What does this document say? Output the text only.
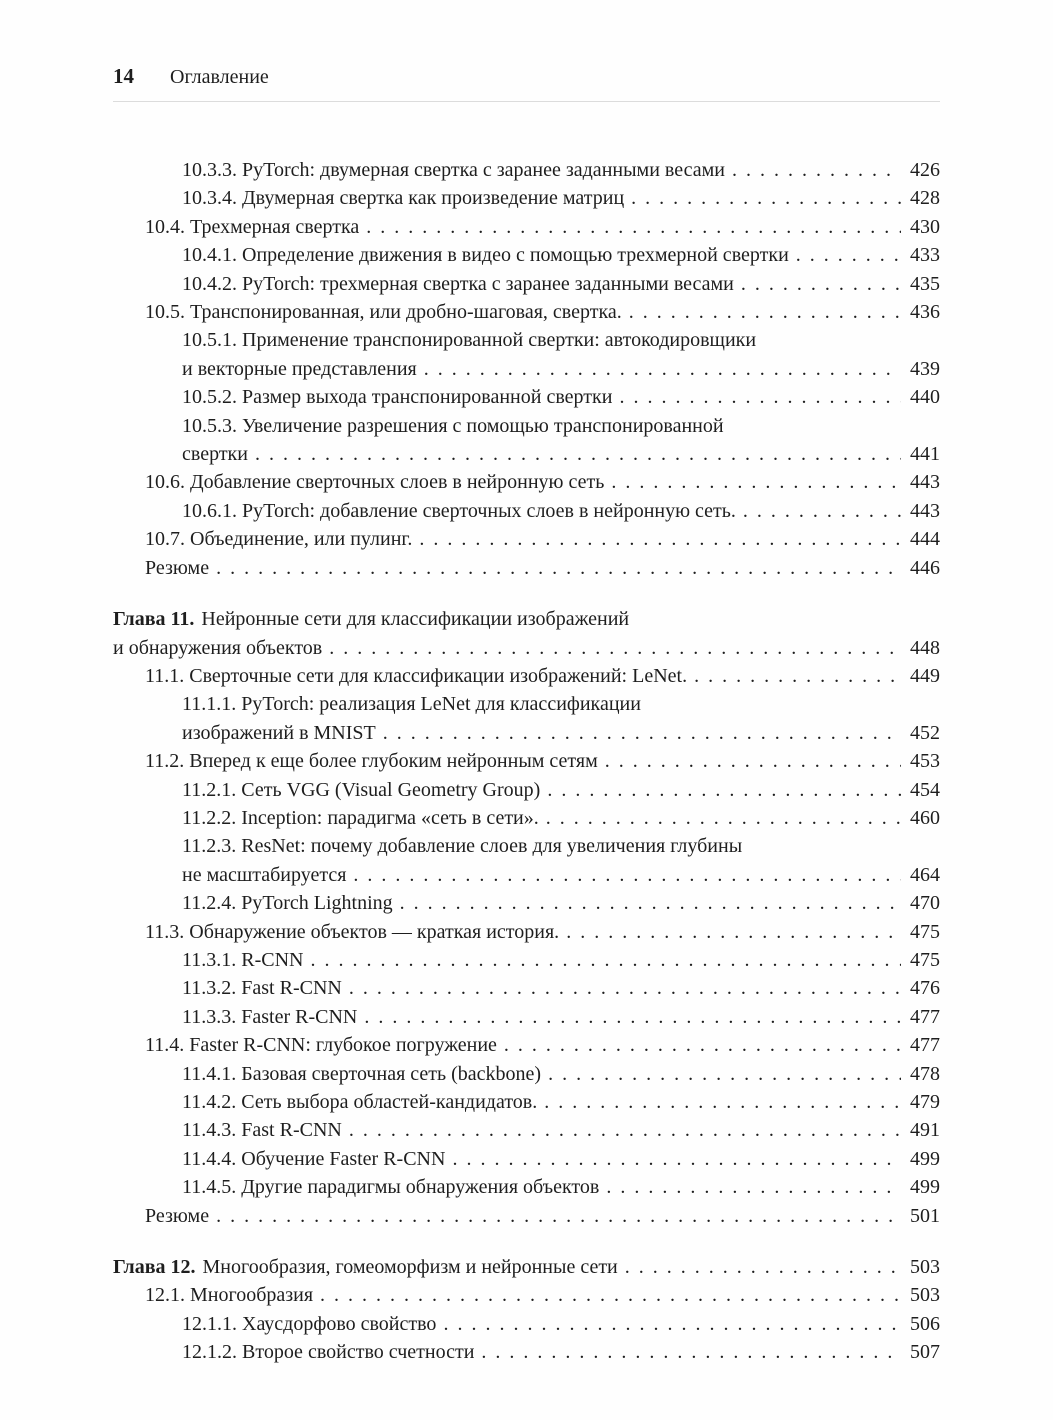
14 Оглавление
10.3.3. PyTorch: двумерная свертка с заранее заданными весами . . .	426
10.3.4. Двумерная свертка как произведение матриц . . .	428
10.4. Трехмерная свертка . . .	430
10.4.1. Определение движения в видео с помощью трехмерной свертки . . .	433
10.4.2. PyTorch: трехмерная свертка с заранее заданными весами . . .	435
10.5. Транспонированная, или дробно-шаговая, свертка. . . .	436
10.5.1. Применение транспонированной свертки: автокодировщики
и векторные представления . . .	439
10.5.2. Размер выхода транспонированной свертки . . .	440
10.5.3. Увеличение разрешения с помощью транспонированной
свертки . . .	441
10.6. Добавление сверточных слоев в нейронную сеть . . .	443
10.6.1. PyTorch: добавление сверточных слоев в нейронную сеть. . . .	443
10.7. Объединение, или пулинг. . . .	444
Резюме . . .	446
Глава 11. Нейронные сети для классификации изображений
и обнаружения объектов . . .	448
11.1. Сверточные сети для классификации изображений: LeNet. . . .	449
11.1.1. PyTorch: реализация LeNet для классификации
изображений в MNIST . . .	452
11.2. Вперед к еще более глубоким нейронным сетям . . .	453
11.2.1. Сеть VGG (Visual Geometry Group) . . .	454
11.2.2. Inception: парадигма «сеть в сети». . . .	460
11.2.3. ResNet: почему добавление слоев для увеличения глубины
не масштабируется . . .	464
11.2.4. PyTorch Lightning . . .	470
11.3. Обнаружение объектов — краткая история. . . .	475
11.3.1. R-CNN . . .	475
11.3.2. Fast R-CNN . . .	476
11.3.3. Faster R-CNN . . .	477
11.4. Faster R-CNN: глубокое погружение . . .	477
11.4.1. Базовая сверточная сеть (backbone) . . .	478
11.4.2. Сеть выбора областей-кандидатов. . . .	479
11.4.3. Fast R-CNN . . .	491
11.4.4. Обучение Faster R-CNN . . .	499
11.4.5. Другие парадигмы обнаружения объектов . . .	499
Резюме . . .	501
Глава 12. Многообразия, гомеоморфизм и нейронные сети . . .	503
12.1. Многообразия . . .	503
12.1.1. Хаусдорфово свойство . . .	506
12.1.2. Второе свойство счетности . . .	507
